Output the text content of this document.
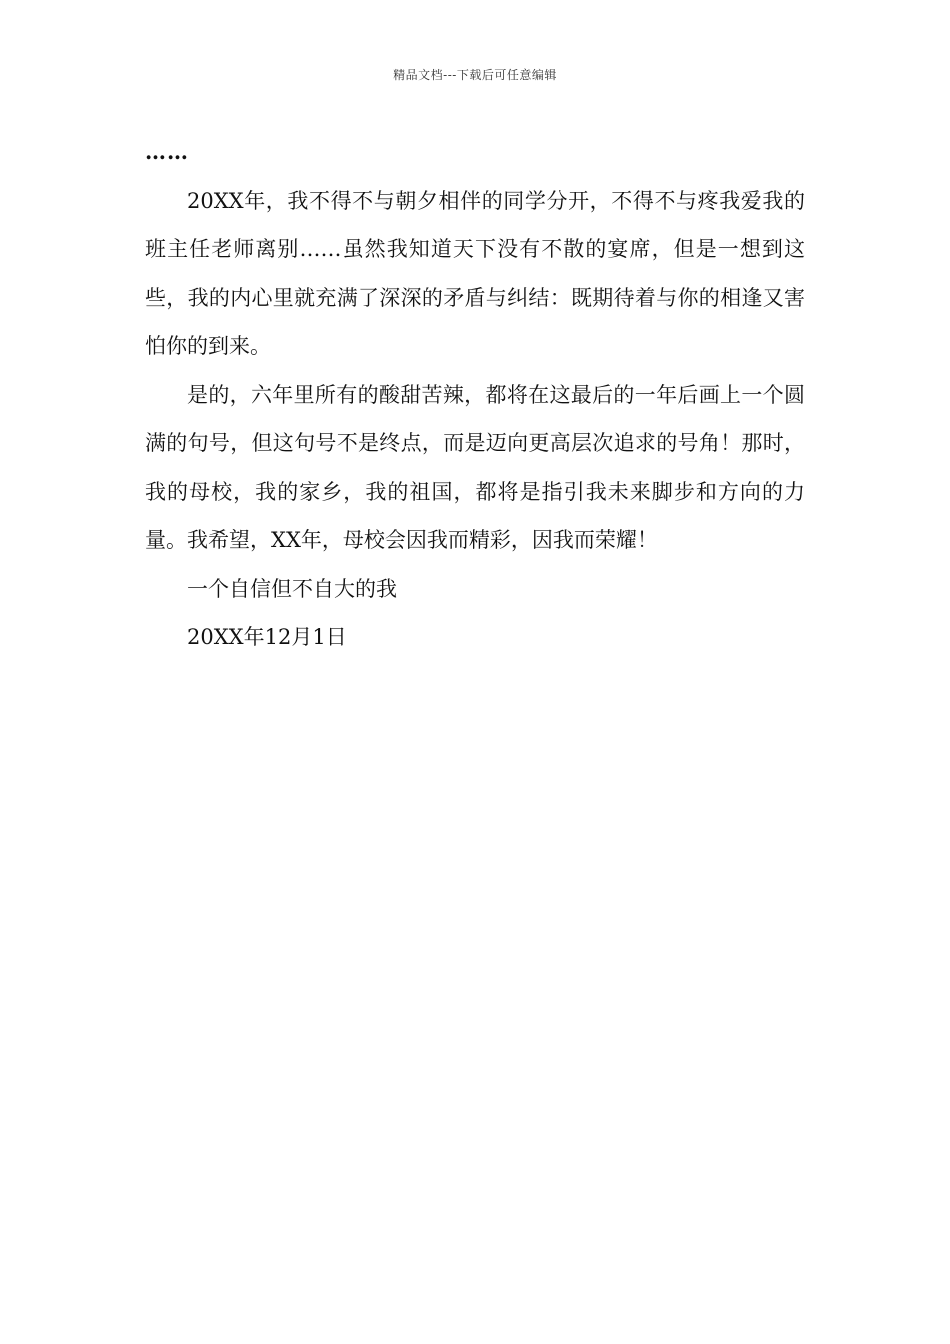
精品文档---下载后可任意编辑

……

20XX年，我不得不与朝夕相伴的同学分开，不得不与疼我爱我的班主任老师离别……虽然我知道天下没有不散的宴席，但是一想到这些，我的内心里就充满了深深的矛盾与纠结：既期待着与你的相逢又害怕你的到来。

是的，六年里所有的酸甜苦辣，都将在这最后的一年后画上一个圆满的句号，但这句号不是终点，而是迈向更高层次追求的号角！那时，我的母校，我的家乡，我的祖国，都将是指引我未来脚步和方向的力量。我希望，XX年，母校会因我而精彩，因我而荣耀！

一个自信但不自大的我

20XX年12月1日
